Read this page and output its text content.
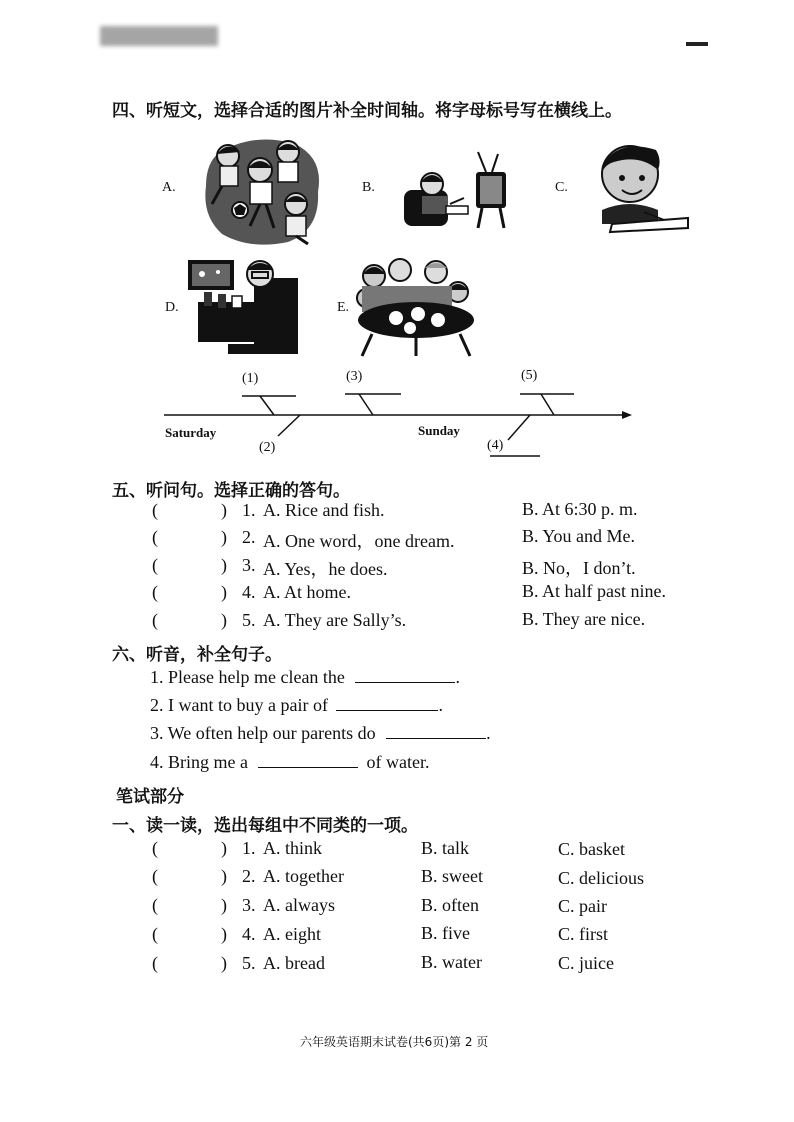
四、听短文，选择合适的图片补全时间轴。将字母标号写在横线上。
A.	B.	C.
D.	E.
(1)	(3)	(5)
(2)	(4)
Saturday	Sunday
五、听问句。选择正确的答句。
(	) 1. A. Rice and fish.	B. At 6:30 p. m.
(	) 2. A. One word，one dream.	B. You and Me.
(	) 3. A. Yes，he does.	B. No，I don’t.
(	) 4. A. At home.	B. At half past nine.
(	) 5. A. They are Sally’s.	B. They are nice.
六、听音，补全句子。
1. Please help me clean the	.
2. I want to buy a pair of	.
3. We often help our parents do	.
4. Bring me a	of water.
笔试部分
一、读一读，选出每组中不同类的一项。
(	) 1. A. think	B. talk	C. basket
(	) 2. A. together	B. sweet	C. delicious
(	) 3. A. always	B. often	C. pair
(	) 4. A. eight	B. five	C. first
(	) 5. A. bread	B. water	C. juice
六年级英语期末试卷(共6页)第 2 页
